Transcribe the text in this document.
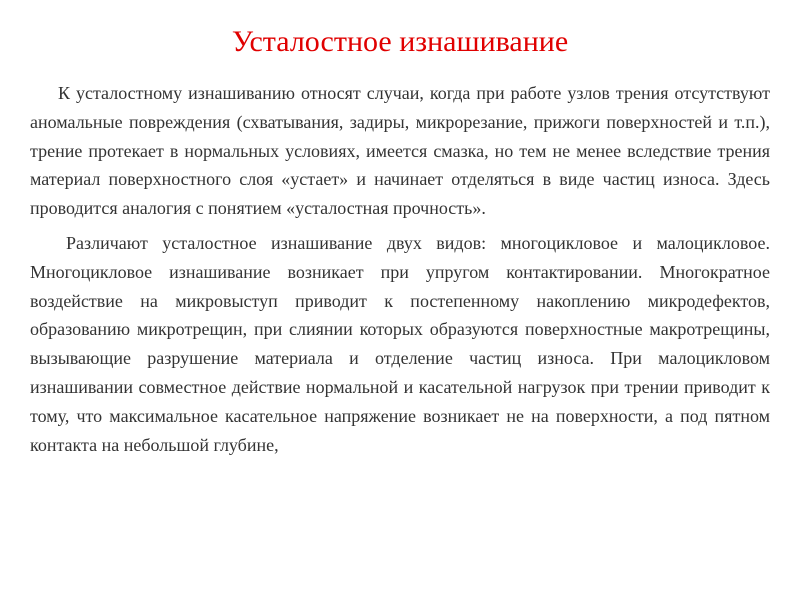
Усталостное изнашивание

К усталостному изнашиванию относят случаи, когда при работе узлов трения отсутствуют аномальные повреждения (схватывания, задиры, микрорезание, прижоги поверхностей и т.п.), трение протекает в нормальных условиях, имеется смазка, но тем не менее вследствие трения материал поверхностного слоя «устает» и начинает отделяться в виде частиц износа. Здесь проводится аналогия с понятием «усталостная прочность».

Различают усталостное изнашивание двух видов: многоцикловое и малоцикловое. Многоцикловое изнашивание возникает при упругом контактировании. Многократное воздействие на микровыступ приводит к постепенному накоплению микродефектов, образованию микротрещин, при слиянии которых образуются поверхностные макротрещины, вызывающие разрушение материала и отделение частиц износа. При малоцикловом изнашивании совместное действие нормальной и касательной нагрузок при трении приводит к тому, что максимальное касательное напряжение возникает не на поверхности, а под пятном контакта на небольшой глубине,
